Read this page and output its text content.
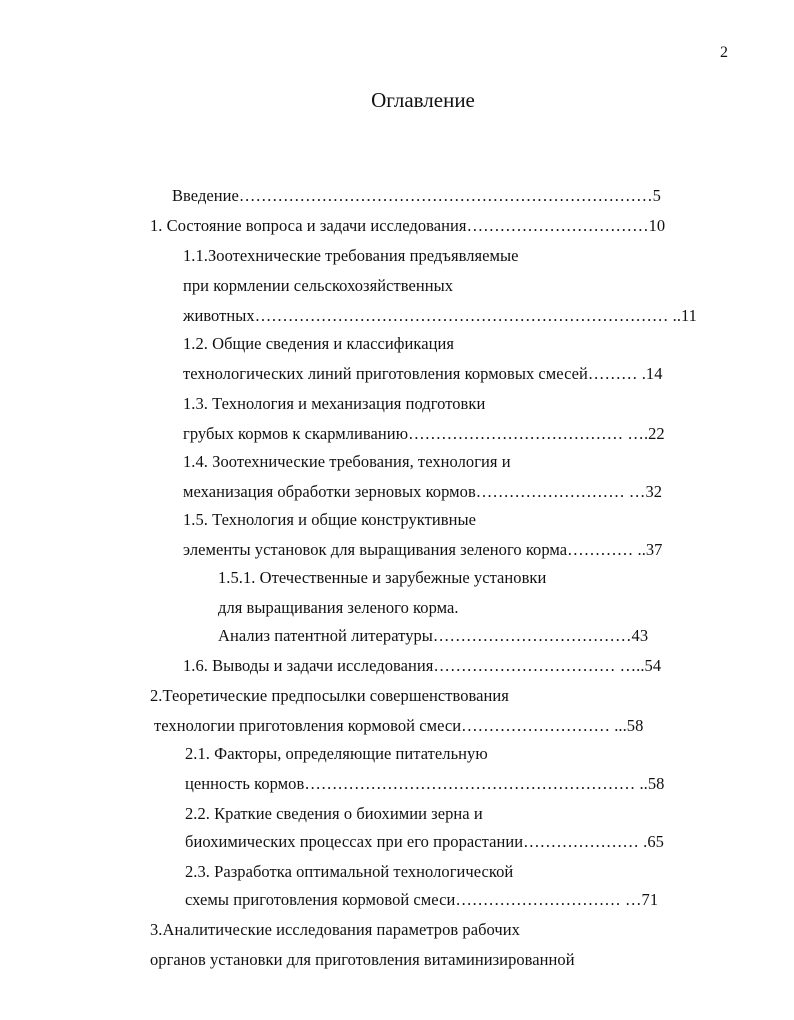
2
Оглавление
Введение…………………………………………………………………5
1. Состояние вопроса и задачи исследования……………………………10
1.1.Зоотехнические требования предъявляемые
при кормлении сельскохозяйственных
животных………………………………………………………………… ..11
1.2. Общие сведения и классификация
технологических линий приготовления кормовых смесей……… .14
1.3. Технология и механизация подготовки
грубых кормов к скармливанию………………………………… ….22
1.4. Зоотехнические требования, технология и
механизация обработки зерновых кормов……………………… …32
1.5. Технология и общие конструктивные
элементы установок для выращивания зеленого корма………… ..37
1.5.1. Отечественные и зарубежные установки
для выращивания зеленого корма.
Анализ патентной литературы………………………………43
1.6. Выводы и задачи исследования…………………………… …..54
2.Теоретические предпосылки совершенствования
технологии приготовления кормовой смеси……………………… ...58
2.1. Факторы, определяющие питательную
ценность кормов…………………………………………………… ..58
2.2. Краткие сведения о биохимии зерна и
биохимических процессах при его прорастании………………… .65
2.3. Разработка оптимальной технологической
схемы приготовления кормовой смеси………………………… …71
3.Аналитические исследования параметров рабочих
органов установки для приготовления витаминизированной
